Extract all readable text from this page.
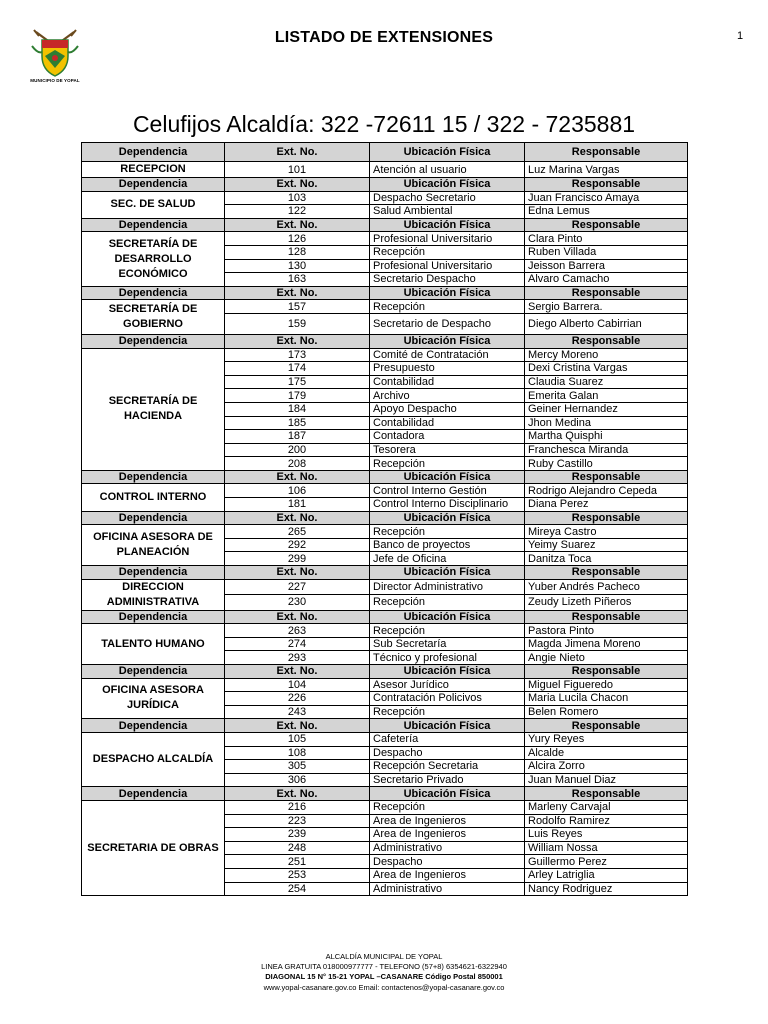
MUNICIPIO DE YOPAL
LISTADO DE EXTENSIONES	1
Celufijos Alcaldía: 322 -72611 15 / 322 - 7235881
Dependencia	Ext. No.	Ubicación Física	Responsable
RECEPCION	101	Atención al usuario	Luz Marina Vargas
Dependencia	Ext. No.	Ubicación Física	Responsable
SEC. DE SALUD	103	Despacho Secretario	Juan Francisco Amaya
	122	Salud Ambiental	Edna Lemus
Dependencia	Ext. No.	Ubicación Física	Responsable
SECRETARÍA DE DESARROLLO ECONÓMICO	126	Profesional Universitario	Clara Pinto
	128	Recepción	Ruben Villada
	130	Profesional Universitario	Jeisson Barrera
	163	Secretario Despacho	Alvaro Camacho
Dependencia	Ext. No.	Ubicación Física	Responsable
SECRETARÍA DE GOBIERNO	157	Recepción	Sergio Barrera.
	159	Secretario de Despacho	Diego Alberto Cabirrian
Dependencia	Ext. No.	Ubicación Física	Responsable
SECRETARÍA DE HACIENDA	173	Comité de Contratación	Mercy Moreno
	174	Presupuesto	Dexi Cristina Vargas
	175	Contabilidad	Claudia Suarez
	179	Archivo	Emerita Galan
	184	Apoyo Despacho	Geiner Hernandez
	185	Contabilidad	Jhon Medina
	187	Contadora	Martha Quisphi
	200	Tesorera	Franchesca Miranda
	208	Recepción	Ruby Castillo
Dependencia	Ext. No.	Ubicación Física	Responsable
CONTROL INTERNO	106	Control Interno Gestión	Rodrigo Alejandro Cepeda
	181	Control Interno Disciplinario	Diana Perez
Dependencia	Ext. No.	Ubicación Física	Responsable
OFICINA ASESORA DE PLANEACIÓN	265	Recepción	Mireya Castro
	292	Banco de proyectos	Yeimy Suarez
	299	Jefe de Oficina	Danitza Toca
Dependencia	Ext. No.	Ubicación Física	Responsable
DIRECCION ADMINISTRATIVA	227	Director Administrativo	Yuber Andrés Pacheco
	230	Recepción	Zeudy Lizeth Piñeros
Dependencia	Ext. No.	Ubicación Física	Responsable
TALENTO HUMANO	263	Recepción	Pastora Pinto
	274	Sub Secretaría	Magda Jimena Moreno
	293	Técnico y profesional	Angie Nieto
Dependencia	Ext. No.	Ubicación Física	Responsable
OFICINA ASESORA JURÍDICA	104	Asesor Jurídico	Miguel Figueredo
	226	Contratación Policivos	Maria Lucila Chacon
	243	Recepción	Belen Romero
Dependencia	Ext. No.	Ubicación Física	Responsable
DESPACHO ALCALDÍA	105	Cafetería	Yury Reyes
	108	Despacho	Alcalde
	305	Recepción Secretaria	Alcira Zorro
	306	Secretario Privado	Juan Manuel Diaz
Dependencia	Ext. No.	Ubicación Física	Responsable
SECRETARIA DE OBRAS	216	Recepción	Marleny Carvajal
	223	Area de Ingenieros	Rodolfo Ramirez
	239	Area de Ingenieros	Luis Reyes
	248	Administrativo	William Nossa
	251	Despacho	Guillermo Perez
	253	Area de Ingenieros	Arley Latriglia
	254	Administrativo	Nancy Rodriguez
ALCALDÍA MUNICIPAL DE YOPAL
LINEA GRATUITA 018000977777 - TELEFONO (57+8) 6354621-6322940
DIAGONAL 15 N° 15-21 YOPAL –CASANARE Código Postal 850001
www.yopal-casanare.gov.co Email: contactenos@yopal-casanare.gov.co
